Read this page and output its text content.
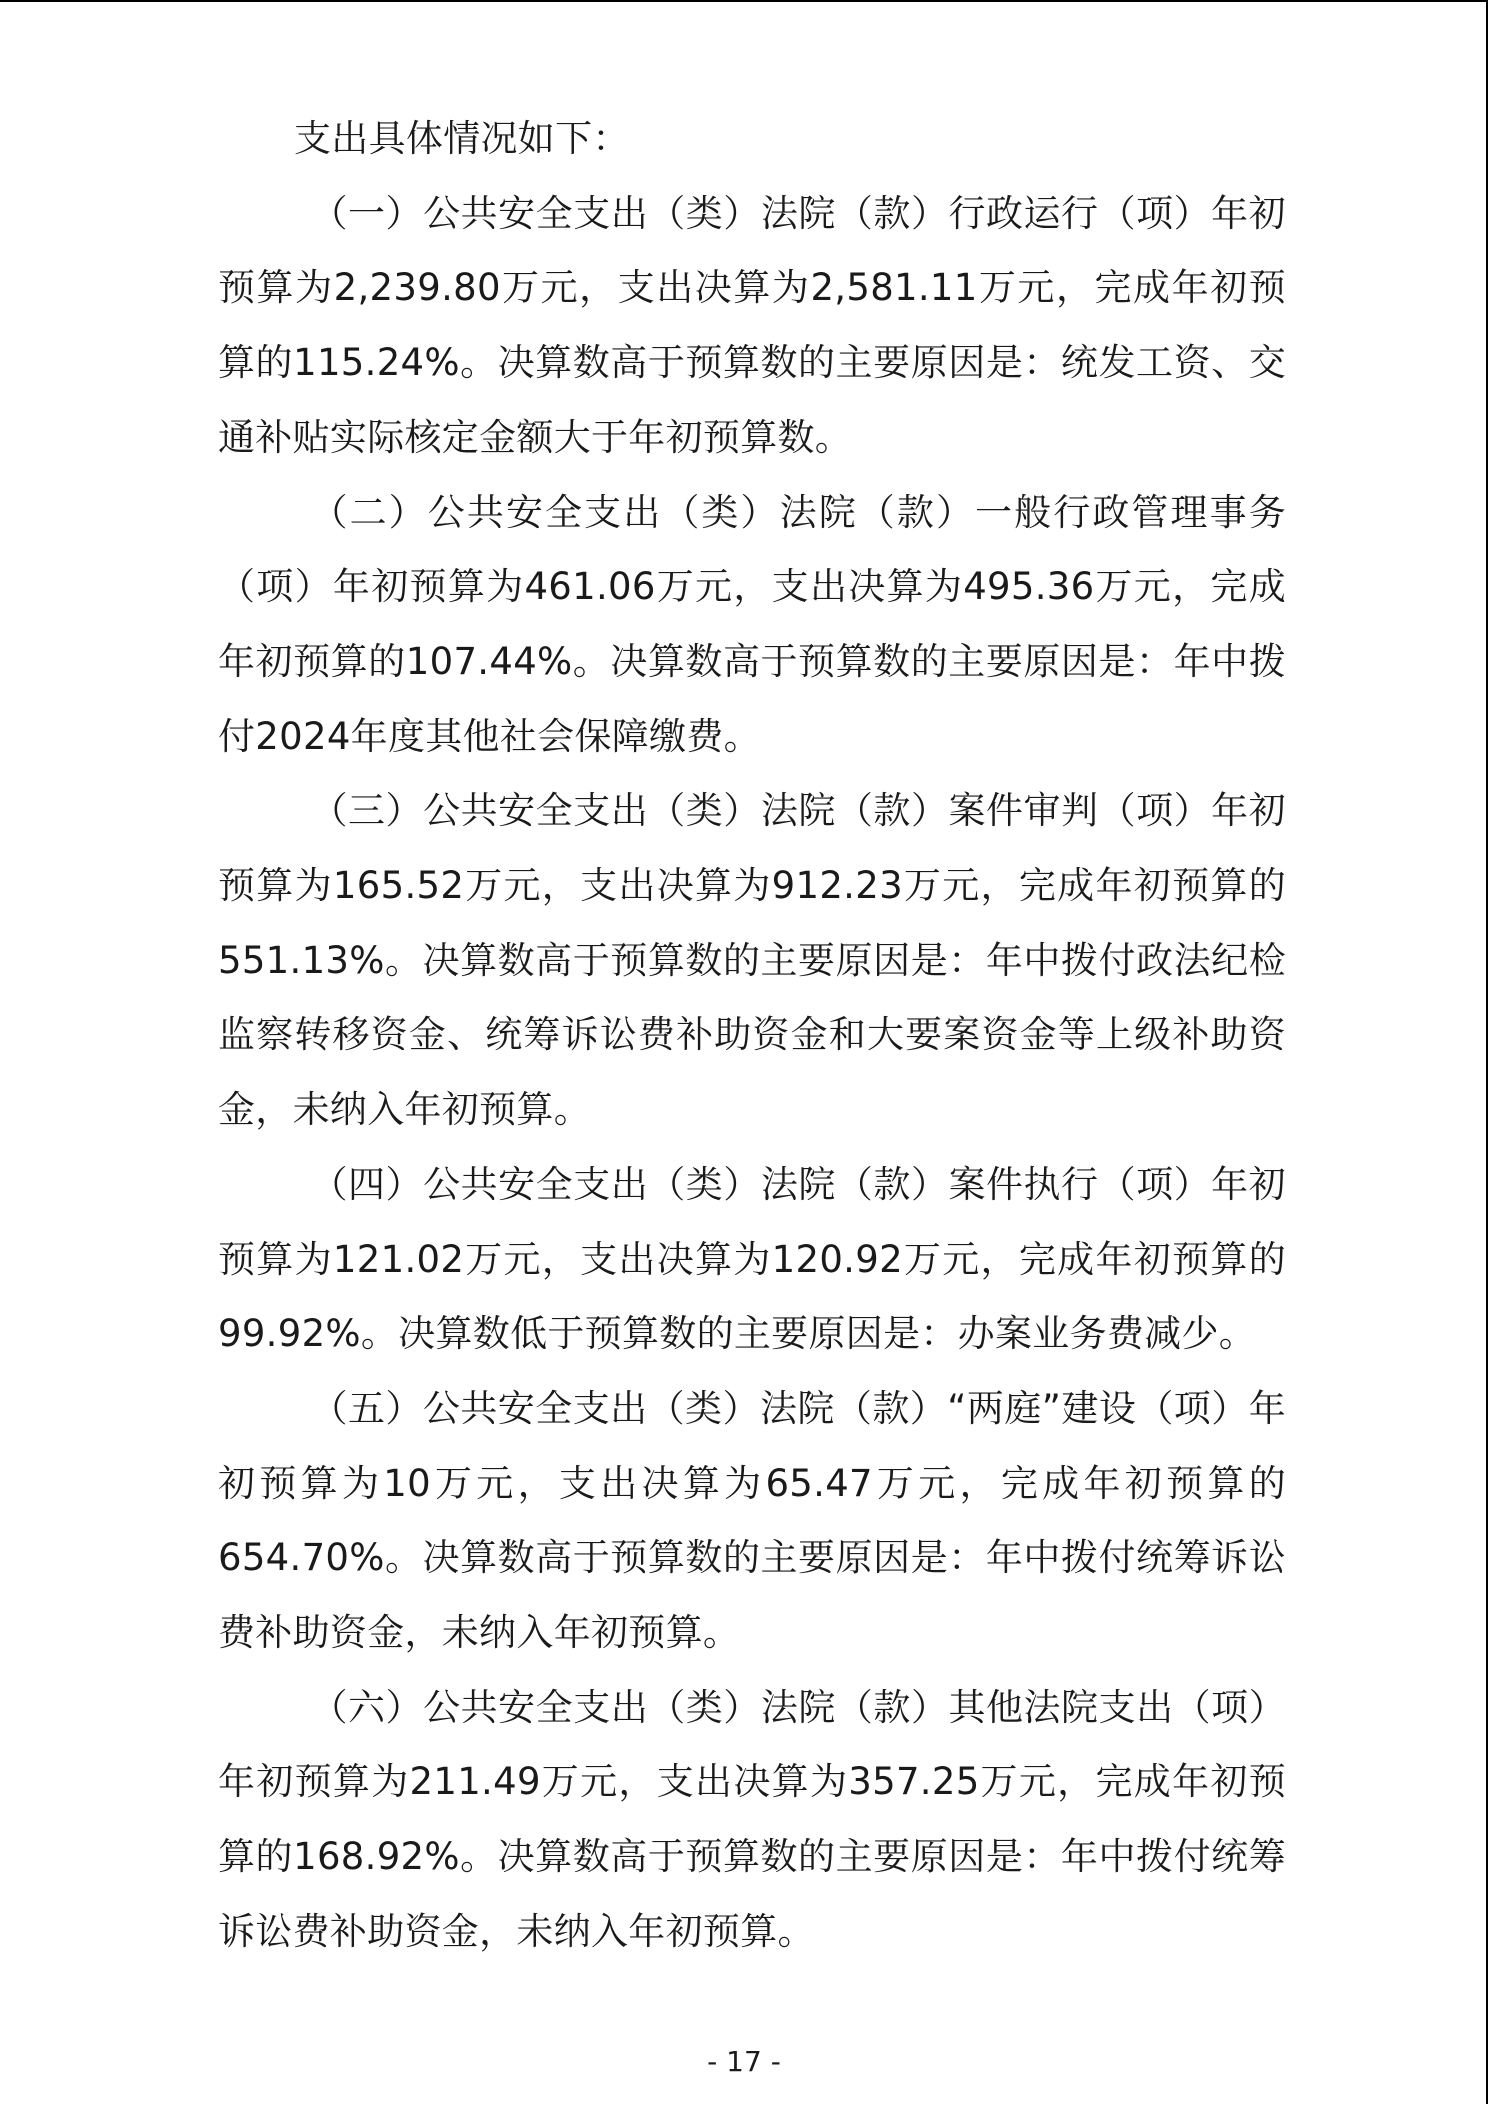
支出具体情况如下：

（一）公共安全支出（类）法院（款）行政运行（项）年初预算为2,239.80万元，支出决算为2,581.11万元，完成年初预算的115.24%。决算数高于预算数的主要原因是：统发工资、交通补贴实际核定金额大于年初预算数。

（二）公共安全支出（类）法院（款）一般行政管理事务（项）年初预算为461.06万元，支出决算为495.36万元，完成年初预算的107.44%。决算数高于预算数的主要原因是：年中拨付2024年度其他社会保障缴费。

（三）公共安全支出（类）法院（款）案件审判（项）年初预算为165.52万元，支出决算为912.23万元，完成年初预算的551.13%。决算数高于预算数的主要原因是：年中拨付政法纪检监察转移资金、统筹诉讼费补助资金和大要案资金等上级补助资金，未纳入年初预算。

（四）公共安全支出（类）法院（款）案件执行（项）年初预算为121.02万元，支出决算为120.92万元，完成年初预算的99.92%。决算数低于预算数的主要原因是：办案业务费减少。

（五）公共安全支出（类）法院（款）“两庭”建设（项）年初预算为10万元，支出决算为65.47万元，完成年初预算的654.70%。决算数高于预算数的主要原因是：年中拨付统筹诉讼费补助资金，未纳入年初预算。

（六）公共安全支出（类）法院（款）其他法院支出（项）年初预算为211.49万元，支出决算为357.25万元，完成年初预算的168.92%。决算数高于预算数的主要原因是：年中拨付统筹诉讼费补助资金，未纳入年初预算。

- 17 -
